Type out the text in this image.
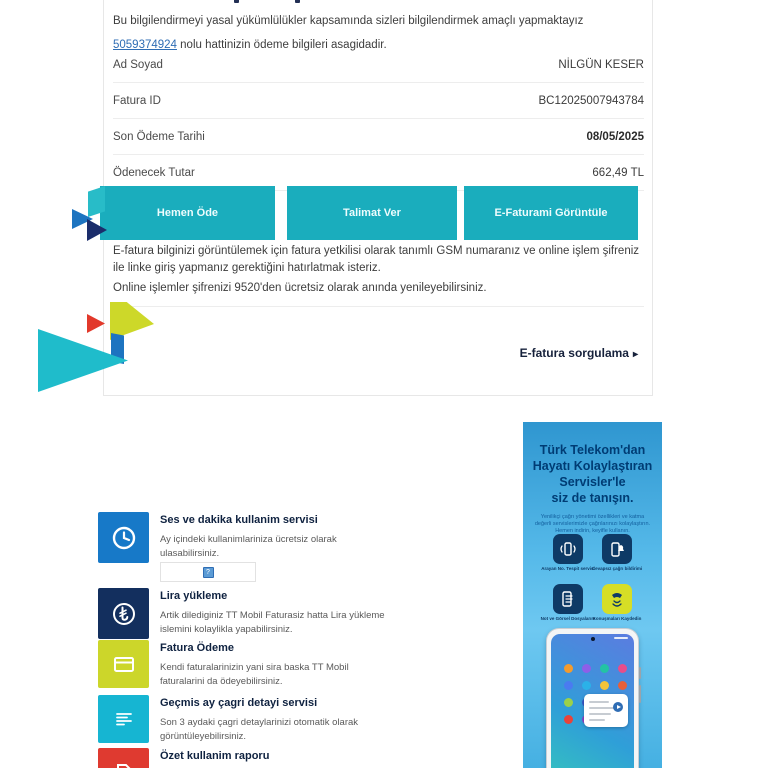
Bu bilgilendirmeyi yasal yükümlülükler kapsamında sizleri bilgilendirmek amaçlı yapmaktayız
5059374924 nolu hattinizin ödeme bilgileri asagidadir.
Ad Soyad	NİLGÜN KESER
Fatura ID	BC12025007943784
Son Ödeme Tarihi	08/05/2025
Ödenecek Tutar	662,49 TL
Hemen Öde	Talimat Ver	E-Faturami Görüntüle
E-fatura bilginizi görüntülemek için fatura yetkilisi olarak tanımlı GSM numaranız ve online işlem şifreniz ile linke giriş yapmanız gerektiğini hatırlatmak isteriz.
Online işlemler şifrenizi 9520'den ücretsiz olarak anında yenileyebilirsiniz.
E-fatura sorgulama ▸
Ses ve dakika kullanim servisi
Ay içindeki kullanimlariniza ücretsiz olarak ulasabilirsiniz.
?
Lira yükleme
Artik dilediginiz TT Mobil Faturasiz hatta Lira yükleme islemini kolaylikla yapabilirsiniz.
Fatura Ödeme
Kendi faturalarinizin yani sira baska TT Mobil faturalarini da ödeyebilirsiniz.
Geçmis ay çagri detayi servisi
Son 3 aydaki çagri detaylarinizi otomatik olarak görüntüleyebilirsiniz.
Özet kullanim raporu
Türk Telekom'dan
Hayatı Kolaylaştıran
Servisler'le
siz de tanışın.
Yenilikçi çağrı yönetimi özellikleri ve katma değerli servislerimizle çağrılarınızı kolaylaştırın. Hemen indirin, keyifle kullanın.
Arayan No. Tespit servisi
Cevapsız çağrı bildirimi
Not ve Görsel Dosyalarım
Konuşmaları Kaydedin
